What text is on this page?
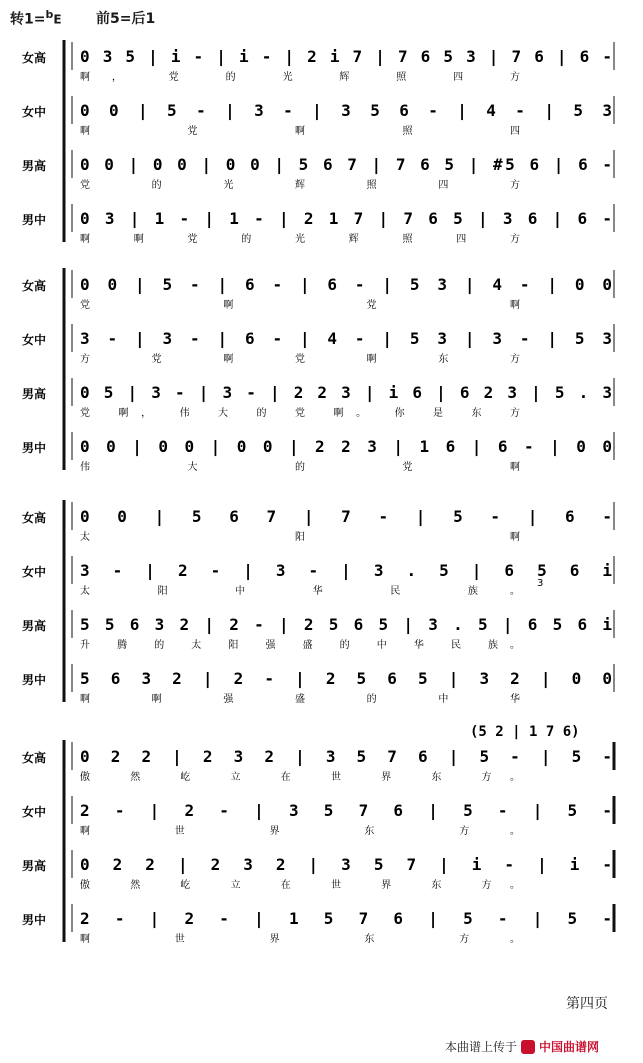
转1=$^b$E 前5=后1
女高 0 3 5 | i - | i - | 2 i 7 | 7 6 5 3 | 7 6 | 6 -
啊， 党 的 光 辉 照 四 方
女中 0 0 | 5 - | 3 - | 3 5 6 - | 4 - | 5 3
啊 党 啊 照 四
男高 0 0 | 0 0 | 0 0 | 5 6 7 | 7 6 5 | #5 6 | 6 -
党 的 光 辉 照 四 方
男中 0 3 | 1 - | 1 - | 2 1 7 | 7 6 5 | 3 6 | 6 -
啊 啊 党 的 光 辉 照 四 方
女高 0 0 | 5 - | 6 - | 6 - | 5 3 | 4 - | 0 0
党 啊 党 啊
女中 3 - | 3 - | 6 - | 4 - | 5 3 | 3 - | 5 3
方 党 啊 党 啊 东 方
男高 0 5 | 3 - | 3 - | 2 2 3 | i 6 | 6 2 3 | 5 . 3
党 啊， 伟 大 的 党 啊。 你 是 东 方
男中 0 0 | 0 0 | 0 0 | 2 2 3 | 1 6 | 6 - | 0 0
伟 大 的 党 啊
女高 0 0 | 5 6 7 | 7 - | 5 - | 6 -
太 阳 啊
女中 3 - | 2 - | 3 - | 3 . 5 | 6 5 6 i
太 阳 中 华 民 族。
男高 5 5 6 3 2 | 2 - | 2 5 6 5 | 3 . 5 | 6 5 6 i
升 腾 的 太 阳 强 盛 的 中 华 民 族。
男中 5 6 3 2 | 2 - | 2 5 6 5 | 3 2 | 0 0
啊 啊 强 盛 的 中 华
3
(5 2 | 1 7 6)
女高 0 2 2 | 2 3 2 | 3 5 7 6 | 5 - | 5 -
傲 然 屹 立 在 世 界 东 方。
女中 2 - | 2 - | 3 5 7 6 | 5 - | 5 -
啊 世 界 东 方。
男高 0 2 2 | 2 3 2 | 3 5 7 | i - | i -
傲 然 屹 立 在 世 界 东 方。
男中 2 - | 2 - | 1 5 7 6 | 5 - | 5 -
啊 世 界 东 方。
第四页
本曲谱上传于 中国曲谱网
